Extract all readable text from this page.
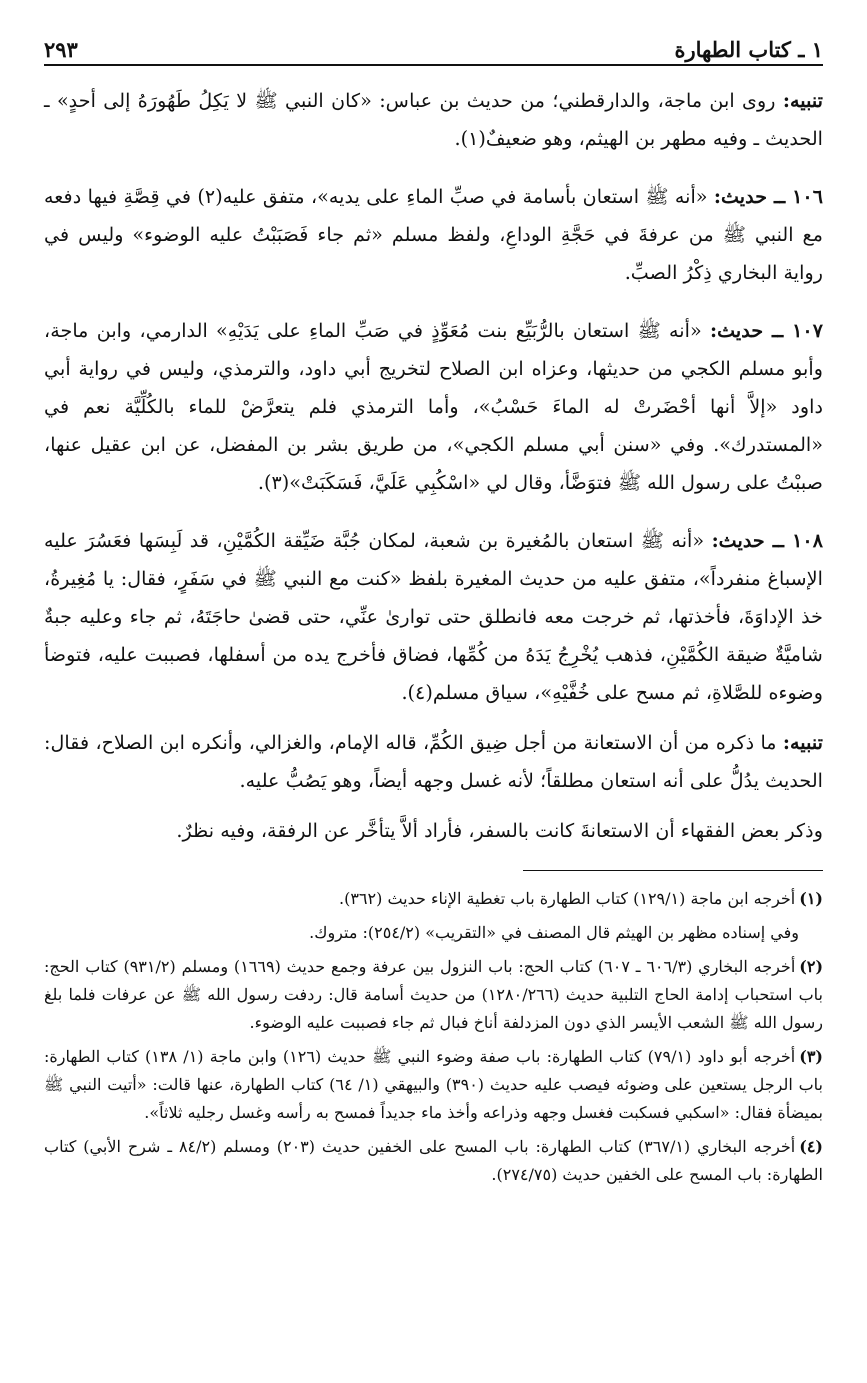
١ ـ كتاب الطهارة
٢٩٣

تنبيه: روى ابن ماجة، والدارقطني؛ من حديث بن عباس: «كان النبي ﷺ لا يَكِلُ طَهُورَهُ إلى أحدٍ» ـ الحديث ـ وفيه مطهر بن الهيثم، وهو ضعيفٌ(١).

١٠٦ ــ حديث: «أنه ﷺ استعان بأسامة في صبِّ الماءِ على يديه»، متفق عليه(٢) في قِصَّةِ فيها دفعه مع النبي ﷺ من عرفةَ في حَجَّةِ الوداعِ، ولفظ مسلم «ثم جاء فَصَبَبْتُ عليه الوضوء» وليس في رواية البخاري ذِكْرُ الصبِّ.

١٠٧ ــ حديث: «أنه ﷺ استعان بالرُّبَيِّع بنت مُعَوِّذٍ في صَبِّ الماءِ على يَدَيْهِ» الدارمي، وابن ماجة، وأبو مسلم الكجي من حديثها، وعزاه ابن الصلاح لتخريج أبي داود، والترمذي، وليس في رواية أبي داود «إلاَّ أنها أحْضَرتْ له الماءَ حَسْبُ»، وأما الترمذي فلم يتعرَّضْ للماء بالكُلِّيَّة نعم في «المستدرك». وفي «سنن أبي مسلم الكجي»، من طريق بشر بن المفضل، عن ابن عقيل عنها، صببْتُ على رسول الله ﷺ فتوَضَّأ، وقال لي «اسْكُبِي عَلَيَّ، فَسَكَبَتْ»(٣).

١٠٨ ــ حديث: «أنه ﷺ استعان بالمُغيرة بن شعبة، لمكان جُبَّة ضَيِّقة الكُمَّيْنِ، قد لَبِسَها فعَسُرَ عليه الإسباغ منفرداً»، متفق عليه من حديث المغيرة بلفظ «كنت مع النبي ﷺ في سَفَرٍ، فقال: يا مُغِيرةُ، خذ الإداوَةَ، فأخذتها، ثم خرجت معه فانطلق حتى توارىٰ عنِّي، حتى قضىٰ حاجَتَهُ، ثم جاء وعليه جبةٌ شاميَّةٌ ضيقة الكُمَّيْنِ، فذهب يُخْرِجُ يَدَهُ من كُمِّها، فضاق فأخرج يده من أسفلها، فصببت عليه، فتوضأ وضوءه للصَّلاةِ، ثم مسح على خُفَّيْهِ»، سياق مسلم(٤).

تنبيه: ما ذكره من أن الاستعانة من أجل ضِيق الكُمِّ، قاله الإمام، والغزالي، وأنكره ابن الصلاح، فقال: الحديث يدُلُّ على أنه استعان مطلقاً؛ لأنه غسل وجهه أيضاً، وهو يَصُبُّ عليه.

وذكر بعض الفقهاء أن الاستعانةَ كانت بالسفر، فأراد ألاَّ يتأخَّر عن الرفقة، وفيه نظرٌ.

(١)أخرجه ابن ماجة (١٢٩/١) كتاب الطهارة باب تغطية الإناء حديث (٣٦٢).

وفي إسناده مظهر بن الهيثم قال المصنف في «التقريب» (٢٥٤/٢): متروك.

(٢)أخرجه البخاري (٦٠٦/٣ ـ ٦٠٧) كتاب الحج: باب النزول بين عرفة وجمع حديث (١٦٦٩) ومسلم (٩٣١/٢) كتاب الحج: باب استحباب إدامة الحاج التلبية حديث (١٢٨٠/٢٦٦) من حديث أسامة قال: ردفت رسول الله ﷺ عن عرفات فلما بلغ رسول الله ﷺ الشعب الأيسر الذي دون المزدلفة أناخ فبال ثم جاء فصببت عليه الوضوء.

(٣)أخرجه أبو داود (٧٩/١) كتاب الطهارة: باب صفة وضوء النبي ﷺ حديث (١٢٦) وابن ماجة (١/ ١٣٨) كتاب الطهارة: باب الرجل يستعين على وضوئه فيصب عليه حديث (٣٩٠) والبيهقي (١/ ٦٤) كتاب الطهارة، عنها قالت: «أتيت النبي ﷺ بميضأة فقال: «اسكبي فسكبت فغسل وجهه وذراعه وأخذ ماء جديداً فمسح به رأسه وغسل رجليه ثلاثاً».

(٤)أخرجه البخاري (٣٦٧/١) كتاب الطهارة: باب المسح على الخفين حديث (٢٠٣) ومسلم (٨٤/٢ ـ شرح الأبي) كتاب الطهارة: باب المسح على الخفين حديث (٢٧٤/٧٥).
